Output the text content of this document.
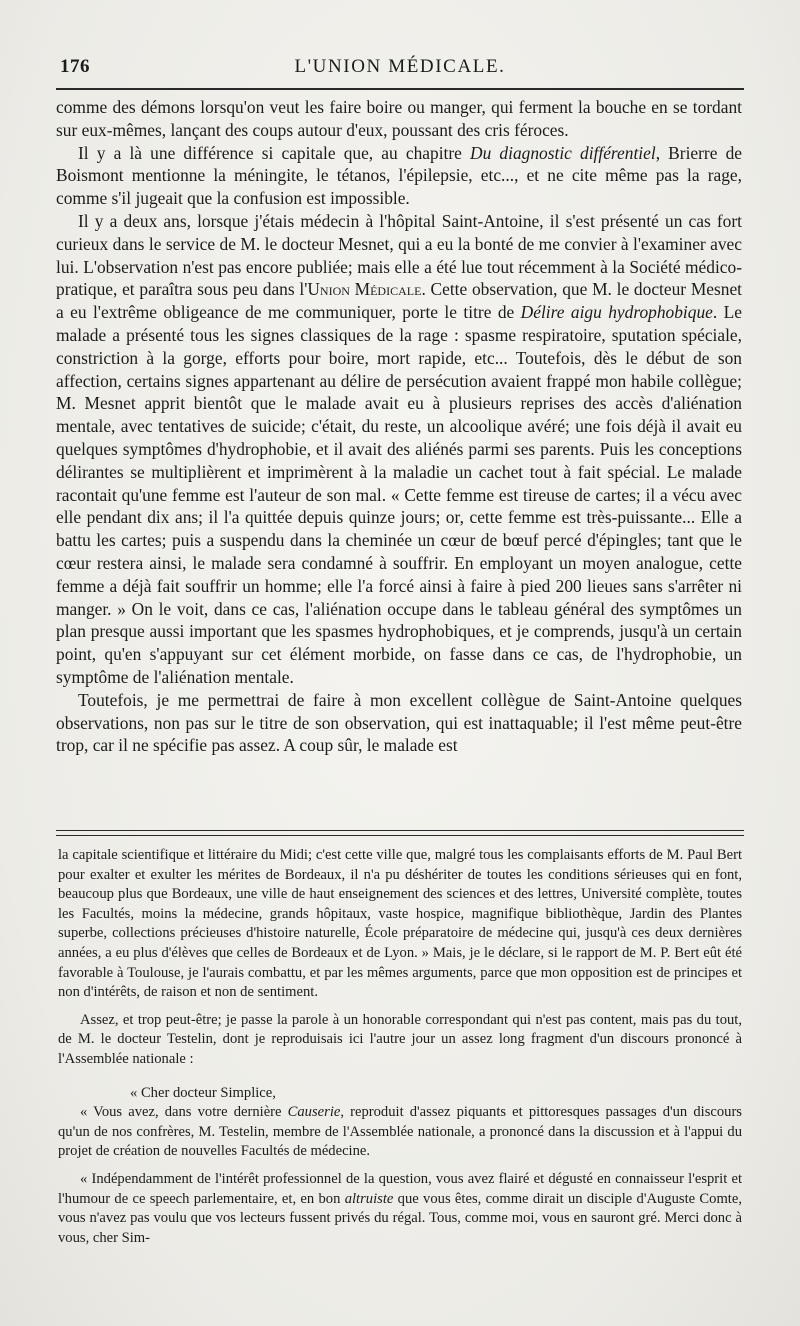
176	L'UNION MÉDICALE.

comme des démons lorsqu'on veut les faire boire ou manger, qui ferment la bouche en se tordant sur eux-mêmes, lançant des coups autour d'eux, poussant des cris féroces.

Il y a là une différence si capitale que, au chapitre Du diagnostic différentiel, Brierre de Boismont mentionne la méningite, le tétanos, l'épilepsie, etc..., et ne cite même pas la rage, comme s'il jugeait que la confusion est impossible.

Il y a deux ans, lorsque j'étais médecin à l'hôpital Saint-Antoine, il s'est présenté un cas fort curieux dans le service de M. le docteur Mesnet, qui a eu la bonté de me convier à l'examiner avec lui. L'observation n'est pas encore publiée; mais elle a été lue tout récemment à la Société médico-pratique, et paraîtra sous peu dans l'Union Médicale. Cette observation, que M. le docteur Mesnet a eu l'extrême obligeance de me communiquer, porte le titre de Délire aigu hydrophobique. Le malade a présenté tous les signes classiques de la rage : spasme respiratoire, sputation spéciale, constriction à la gorge, efforts pour boire, mort rapide, etc... Toutefois, dès le début de son affection, certains signes appartenant au délire de persécution avaient frappé mon habile collègue; M. Mesnet apprit bientôt que le malade avait eu à plusieurs reprises des accès d'aliénation mentale, avec tentatives de suicide; c'était, du reste, un alcoolique avéré; une fois déjà il avait eu quelques symptômes d'hydrophobie, et il avait des aliénés parmi ses parents. Puis les conceptions délirantes se multiplièrent et imprimèrent à la maladie un cachet tout à fait spécial. Le malade racontait qu'une femme est l'auteur de son mal. « Cette femme est tireuse de cartes; il a vécu avec elle pendant dix ans; il l'a quittée depuis quinze jours; or, cette femme est très-puissante... Elle a battu les cartes; puis a suspendu dans la cheminée un cœur de bœuf percé d'épingles; tant que le cœur restera ainsi, le malade sera condamné à souffrir. En employant un moyen analogue, cette femme a déjà fait souffrir un homme; elle l'a forcé ainsi à faire à pied 200 lieues sans s'arrêter ni manger. » On le voit, dans ce cas, l'aliénation occupe dans le tableau général des symptômes un plan presque aussi important que les spasmes hydrophobiques, et je comprends, jusqu'à un certain point, qu'en s'appuyant sur cet élément morbide, on fasse dans ce cas, de l'hydrophobie, un symptôme de l'aliénation mentale.

Toutefois, je me permettrai de faire à mon excellent collègue de Saint-Antoine quelques observations, non pas sur le titre de son observation, qui est inattaquable; il l'est même peut-être trop, car il ne spécifie pas assez. A coup sûr, le malade est

la capitale scientifique et littéraire du Midi; c'est cette ville que, malgré tous les complaisants efforts de M. Paul Bert pour exalter et exulter les mérites de Bordeaux, il n'a pu déshériter de toutes les conditions sérieuses qui en font, beaucoup plus que Bordeaux, une ville de haut enseignement des sciences et des lettres, Université complète, toutes les Facultés, moins la médecine, grands hôpitaux, vaste hospice, magnifique bibliothèque, Jardin des Plantes superbe, collections précieuses d'histoire naturelle, École préparatoire de médecine qui, jusqu'à ces deux dernières années, a eu plus d'élèves que celles de Bordeaux et de Lyon. » Mais, je le déclare, si le rapport de M. P. Bert eût été favorable à Toulouse, je l'aurais combattu, et par les mêmes arguments, parce que mon opposition est de principes et non d'intérêts, de raison et non de sentiment.

Assez, et trop peut-être; je passe la parole à un honorable correspondant qui n'est pas content, mais pas du tout, de M. le docteur Testelin, dont je reproduisais ici l'autre jour un assez long fragment d'un discours prononcé à l'Assemblée nationale :

« Cher docteur Simplice,

« Vous avez, dans votre dernière Causerie, reproduit d'assez piquants et pittoresques passages d'un discours qu'un de nos confrères, M. Testelin, membre de l'Assemblée nationale, a prononcé dans la discussion et à l'appui du projet de création de nouvelles Facultés de médecine.

« Indépendamment de l'intérêt professionnel de la question, vous avez flairé et dégusté en connaisseur l'esprit et l'humour de ce speech parlementaire, et, en bon altruiste que vous êtes, comme dirait un disciple d'Auguste Comte, vous n'avez pas voulu que vos lecteurs fussent privés du régal. Tous, comme moi, vous en sauront gré. Merci donc à vous, cher Sim-
